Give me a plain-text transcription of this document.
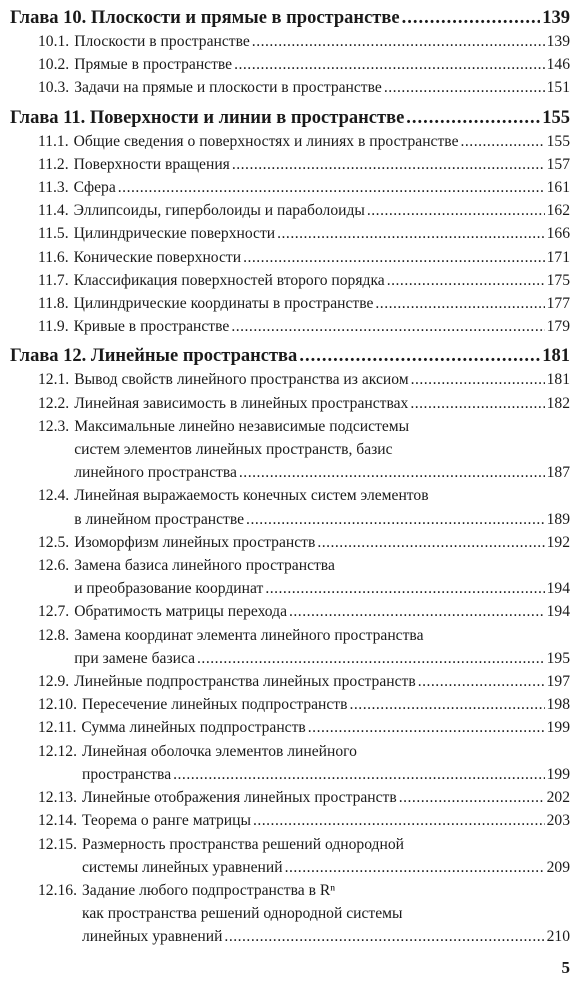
Глава 10. Плоскости и прямые в пространстве .....	139
10.1. Плоскости в пространстве .....	139
10.2. Прямые в пространстве .....	146
10.3. Задачи на прямые и плоскости в пространстве .....	151
Глава 11. Поверхности и линии в пространстве .....	155
11.1. Общие сведения о поверхностях и линиях в пространстве .....	155
11.2. Поверхности вращения .....	157
11.3. Сфера .....	161
11.4. Эллипсоиды, гиперболоиды и параболоиды .....	162
11.5. Цилиндрические поверхности .....	166
11.6. Конические поверхности .....	171
11.7. Классификация поверхностей второго порядка .....	175
11.8. Цилиндрические координаты в пространстве .....	177
11.9. Кривые в пространстве .....	179
Глава 12. Линейные пространства .....	181
12.1. Вывод свойств линейного пространства из аксиом .....	181
12.2. Линейная зависимость в линейных пространствах .....	182
12.3. Максимальные линейно независимые подсистемы
систем элементов линейных пространств, базис
линейного пространства .....	187
12.4. Линейная выражаемость конечных систем элементов
в линейном пространстве .....	189
12.5. Изоморфизм линейных пространств .....	192
12.6. Замена базиса линейного пространства
и преобразование координат .....	194
12.7. Обратимость матрицы перехода .....	194
12.8. Замена координат элемента линейного пространства
при замене базиса .....	195
12.9. Линейные подпространства линейных пространств .....	197
12.10. Пересечение линейных подпространств .....	198
12.11. Сумма линейных подпространств .....	199
12.12. Линейная оболочка элементов линейного
пространства .....	199
12.13. Линейные отображения линейных пространств .....	202
12.14. Теорема о ранге матрицы .....	203
12.15. Размерность пространства решений однородной
системы линейных уравнений .....	209
12.16. Задание любого подпространства в Rⁿ
как пространства решений однородной системы
линейных уравнений .....	210
5
